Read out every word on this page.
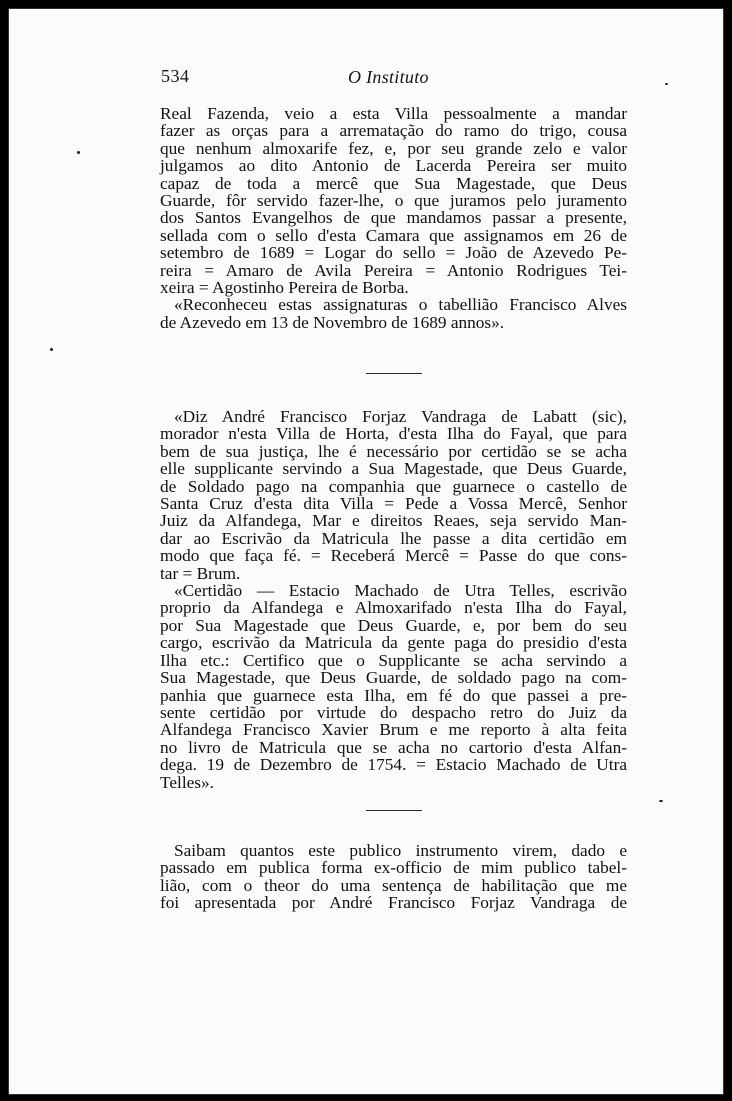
534	O Instituto

Real Fazenda, veio a esta Villa pessoalmente a mandar

fazer as orças para a arrematação do ramo do trigo, cousa

que nenhum almoxarife fez, e, por seu grande zelo e valor

julgamos ao dito Antonio de Lacerda Pereira ser muito

capaz de toda a mercê que Sua Magestade, que Deus

Guarde, fôr servido fazer-lhe, o que juramos pelo juramento

dos Santos Evangelhos de que mandamos passar a presente,

sellada com o sello d'esta Camara que assignamos em 26 de

setembro de 1689 = Logar do sello = João de Azevedo Pe-

reira = Amaro de Avila Pereira = Antonio Rodrigues Tei-

xeira = Agostinho Pereira de Borba.

«Reconheceu estas assignaturas o tabellião Francisco Alves

de Azevedo em 13 de Novembro de 1689 annos».

«Diz André Francisco Forjaz Vandraga de Labatt (sic),

morador n'esta Villa de Horta, d'esta Ilha do Fayal, que para

bem de sua justiça, lhe é necessário por certidão se se acha

elle supplicante servindo a Sua Magestade, que Deus Guarde,

de Soldado pago na companhia que guarnece o castello de

Santa Cruz d'esta dita Villa = Pede a Vossa Mercê, Senhor

Juiz da Alfandega, Mar e direitos Reaes, seja servido Man-

dar ao Escrivão da Matricula lhe passe a dita certidão em

modo que faça fé. = Receberá Mercê = Passe do que cons-

tar = Brum.

«Certidão — Estacio Machado de Utra Telles, escrivão

proprio da Alfandega e Almoxarifado n'esta Ilha do Fayal,

por Sua Magestade que Deus Guarde, e, por bem do seu

cargo, escrivão da Matricula da gente paga do presidio d'esta

Ilha etc.: Certifico que o Supplicante se acha servindo a

Sua Magestade, que Deus Guarde, de soldado pago na com-

panhia que guarnece esta Ilha, em fé do que passei a pre-

sente certidão por virtude do despacho retro do Juiz da

Alfandega Francisco Xavier Brum e me reporto à alta feita

no livro de Matricula que se acha no cartorio d'esta Alfan-

dega. 19 de Dezembro de 1754. = Estacio Machado de Utra

Telles».

Saibam quantos este publico instrumento virem, dado e

passado em publica forma ex-officio de mim publico tabel-

lião, com o theor do uma sentença de habilitação que me

foi apresentada por André Francisco Forjaz Vandraga de
